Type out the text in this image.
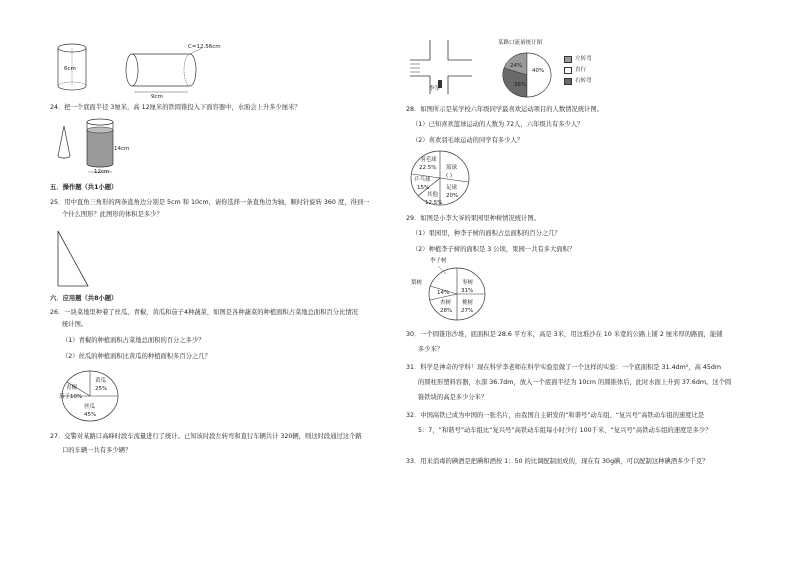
6cm
9cm
C=12.56cm
24．把一个底面半径 3厘米，高 12厘米的铁圆锥投入下面容器中，水面会上升多少厘米？
14cm
12cm
五．操作题（共1小题）
25．用中直角三角形的两条直角边分别是 5cm 和 10cm，请你选择一条直角边为轴，顺时针旋转 360 度，得到一
个什么图形？此图形的体积是多少？
六．应用题（共8小题）
26．一块菜地里种着了丝瓜、青椒、黄瓜和茄子4种蔬菜，如图是各种蔬菜的种植面积占菜地总面积百分比情况
统计图。
（1）青椒的种植面积占菜地总面积的百分之多少？
（2）丝瓜的种植面积比黄瓜的种植面积多百分之几？
黄瓜
25%
青椒
茄子10%
丝瓜
45%
27．交警对某路口高峰时段车流量进行了统计。已知该时段左转弯和直行车辆共计 320辆，则这时段通过这个路
口的车辆一共有多少辆？
李军
某路口流量统计图
24%
40%
36%
左转弯
直行
右转弯
28．如图所示是某学校六年级同学最喜欢运动项目的人数情况统计图。
（1）已知喜欢篮球运动的人数为 72人，六年级共有多少人？
（2）喜欢羽毛球运动的同学有多少人？
羽毛球
22.5% 篮球
( )
乒乓球
15%
其他
12.5%
足球
20%
29．如图是小李大爷的果园里种树情况统计图。
（1）果园里，种李子树的面积占总面积的百分之几？
（2）种植李子树的面积是 3 公顷，果园一共有多大面积？
李子树
梨树
14%
枣树
31%
杏树
28%
桃树
27%
30．一个圆锥形沙堆，底面积是 28.6 平方米，高是 3米，用这堆沙在 10 米宽的公路上铺 2 厘米厚的路面，能铺
多少米？
31．科学是神奇的学科！现在科学李老师在科学实验室做了一个这样的实验：一个底面积是 31.4dm²，高 45dm
的圆柱形塑料容器，水深 36.7dm，放入一个底面半径为 10cm 的圆锥体后，此时水面上升到 37.6dm。这个圆
锥铁块的高是多少分米？
32．中国高铁已成为中国的一张名片，由我国自主研发的“和谐号”动车组、“复兴号”高铁动车组的速度比是
5：7，“和谐号”动车组比“复兴号”高铁动车组每小时少行 100千米，“复兴号”高铁动车组的速度是多少？
33．用来消毒的碘酒是把碘和酒按 1：50 的比调配制而成的，现在有 30g碘，可以配制这种碘酒多少千克？
